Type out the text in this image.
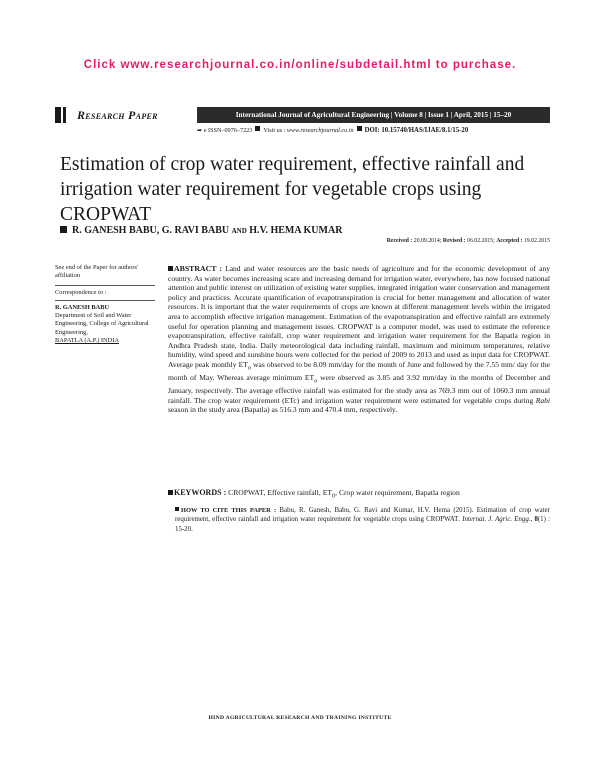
Click www.researchjournal.co.in/online/subdetail.html to purchase.
Research Paper	International Journal of Agricultural Engineering | Volume 8 | Issue 1 | April, 2015 | 15–20
➦ e ISSN–0976–7223 Visit us : www.researchjournal.co.in DOI: 10.15740/HAS/IJAE/8.1/15-20
Estimation of crop water requirement, effective rainfall and irrigation water requirement for vegetable crops using CROPWAT
R. GANESH BABU, G. RAVI BABU and H.V. HEMA KUMAR
Received : 20.09.2014; Revised : 06.02.2015; Accepted : 19.02.2015
See end of the Paper for authors' affiliation
Correspondence to :
R. GANESH BABU
Department of Soil and Water Engineering, College of Agricultural Engineering,
BAPATLA (A.P.) INDIA
ABSTRACT : Land and water resources are the basic needs of agriculture and for the economic development of any country. As water becomes increasing scare and increasing demand for irrigation water, everywhere, has now focused national attention and public interest on utilization of existing water supplies, integrated irrigation water conservation and management policy and practices. Accurate quantification of evapotranspiration is crucial for better management and allocation of water resources. It is important that the water requirements of crops are known at different management levels within the irrigated area to accomplish effective irrigation management. Estimation of the evapotranspiration and effective rainfall are extremely useful for operation planning and management issues. CROPWAT is a computer model, was used to estimate the reference evapotranspiration, effective rainfall, crop water requirement and irrigation water requirement for the Bapatla region in Andhra Pradesh state, India. Daily meteorological data including rainfall, maximum and minimum temperatures, relative humidity, wind speed and sunshine hours were collected for the period of 2009 to 2013 and used as input data for CROPWAT. Average peak monthly $ET_o$ was observed to be 8.09 mm/day for the month of June and followed by the 7.55 mm/ day for the month of May. Whereas average minimum $ET_o$ were observed as 3.85 and 3.92 mm/day in the months of December and January, respectively. The average effective rainfall was estimated for the study area as 769.3 mm out of 1060.3 mm annual rainfall. The crop water requirement (ETc) and irrigation water requirement were estimated for vegetable crops during Rabi season in the study area (Bapatla) as 516.3 mm and 470.4 mm, respectively.
KEYWORDS : CROPWAT, Effective rainfall, $ET_0$, Crop water requirement, Bapatla region
HOW TO CITE THIS PAPER : Babu, R. Ganesh, Babu, G. Ravi and Kumar, H.V. Hema (2015). Estimation of crop water requirement, effective rainfall and irrigation water requirement for vegetable crops using CROPWAT. Internat. J. Agric. Engg., 8(1) : 15-20.
HIND AGRICULTURAL RESEARCH AND TRAINING INSTITUTE
